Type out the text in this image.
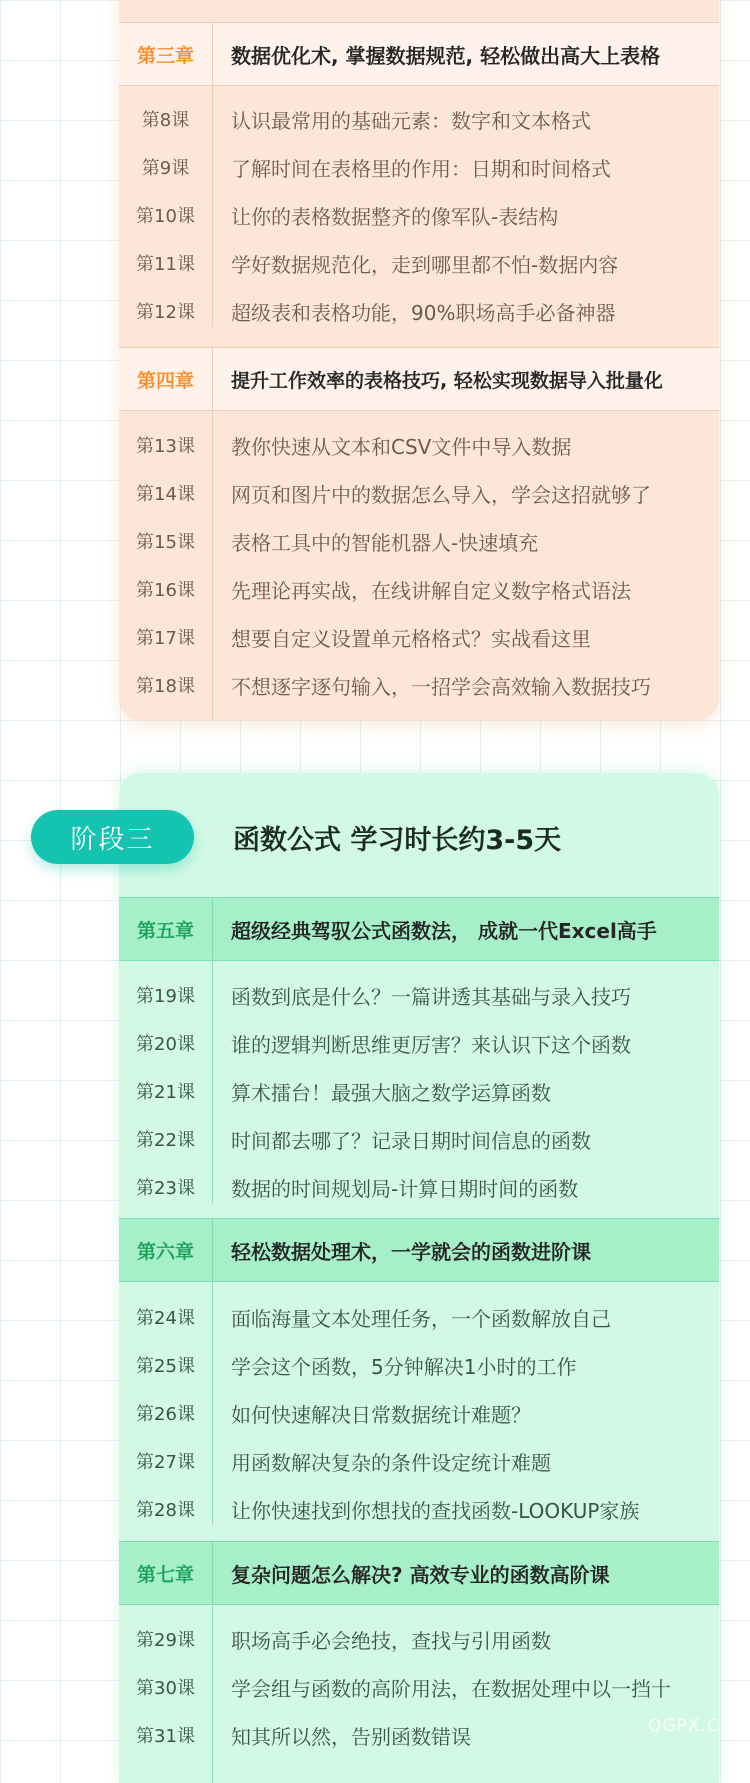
第三章	数据优化术, 掌握数据规范, 轻松做出高大上表格
第8课	认识最常用的基础元素：数字和文本格式
第9课	了解时间在表格里的作用：日期和时间格式
第10课	让你的表格数据整齐的像军队-表结构
第11课	学好数据规范化，走到哪里都不怕-数据内容
第12课	超级表和表格功能，90%职场高手必备神器
第四章	提升工作效率的表格技巧, 轻松实现数据导入批量化
第13课	教你快速从文本和CSV文件中导入数据
第14课	网页和图片中的数据怎么导入，学会这招就够了
第15课	表格工具中的智能机器人-快速填充
第16课	先理论再实战，在线讲解自定义数字格式语法
第17课	想要自定义设置单元格格式？实战看这里
第18课	不想逐字逐句输入，一招学会高效输入数据技巧
第五章	超级经典驾驭公式函数法， 成就一代Excel高手
第19课	函数到底是什么？一篇讲透其基础与录入技巧
第20课	谁的逻辑判断思维更厉害？来认识下这个函数
第21课	算术擂台！最强大脑之数学运算函数
第22课	时间都去哪了？记录日期时间信息的函数
第23课	数据的时间规划局-计算日期时间的函数
第六章	轻松数据处理术，一学就会的函数进阶课
第24课	面临海量文本处理任务，一个函数解放自己
第25课	学会这个函数，5分钟解决1小时的工作
第26课	如何快速解决日常数据统计难题？
第27课	用函数解决复杂的条件设定统计难题
第28课	让你快速找到你想找的查找函数-LOOKUP家族
第七章	复杂问题怎么解决? 高效专业的函数高阶课
第29课	职场高手必会绝技，查找与引用函数
第30课	学会组与函数的高阶用法，在数据处理中以一挡十
第31课	知其所以然，告别函数错误
阶段三	函数公式 学习时长约3-5天
QGPX.C
